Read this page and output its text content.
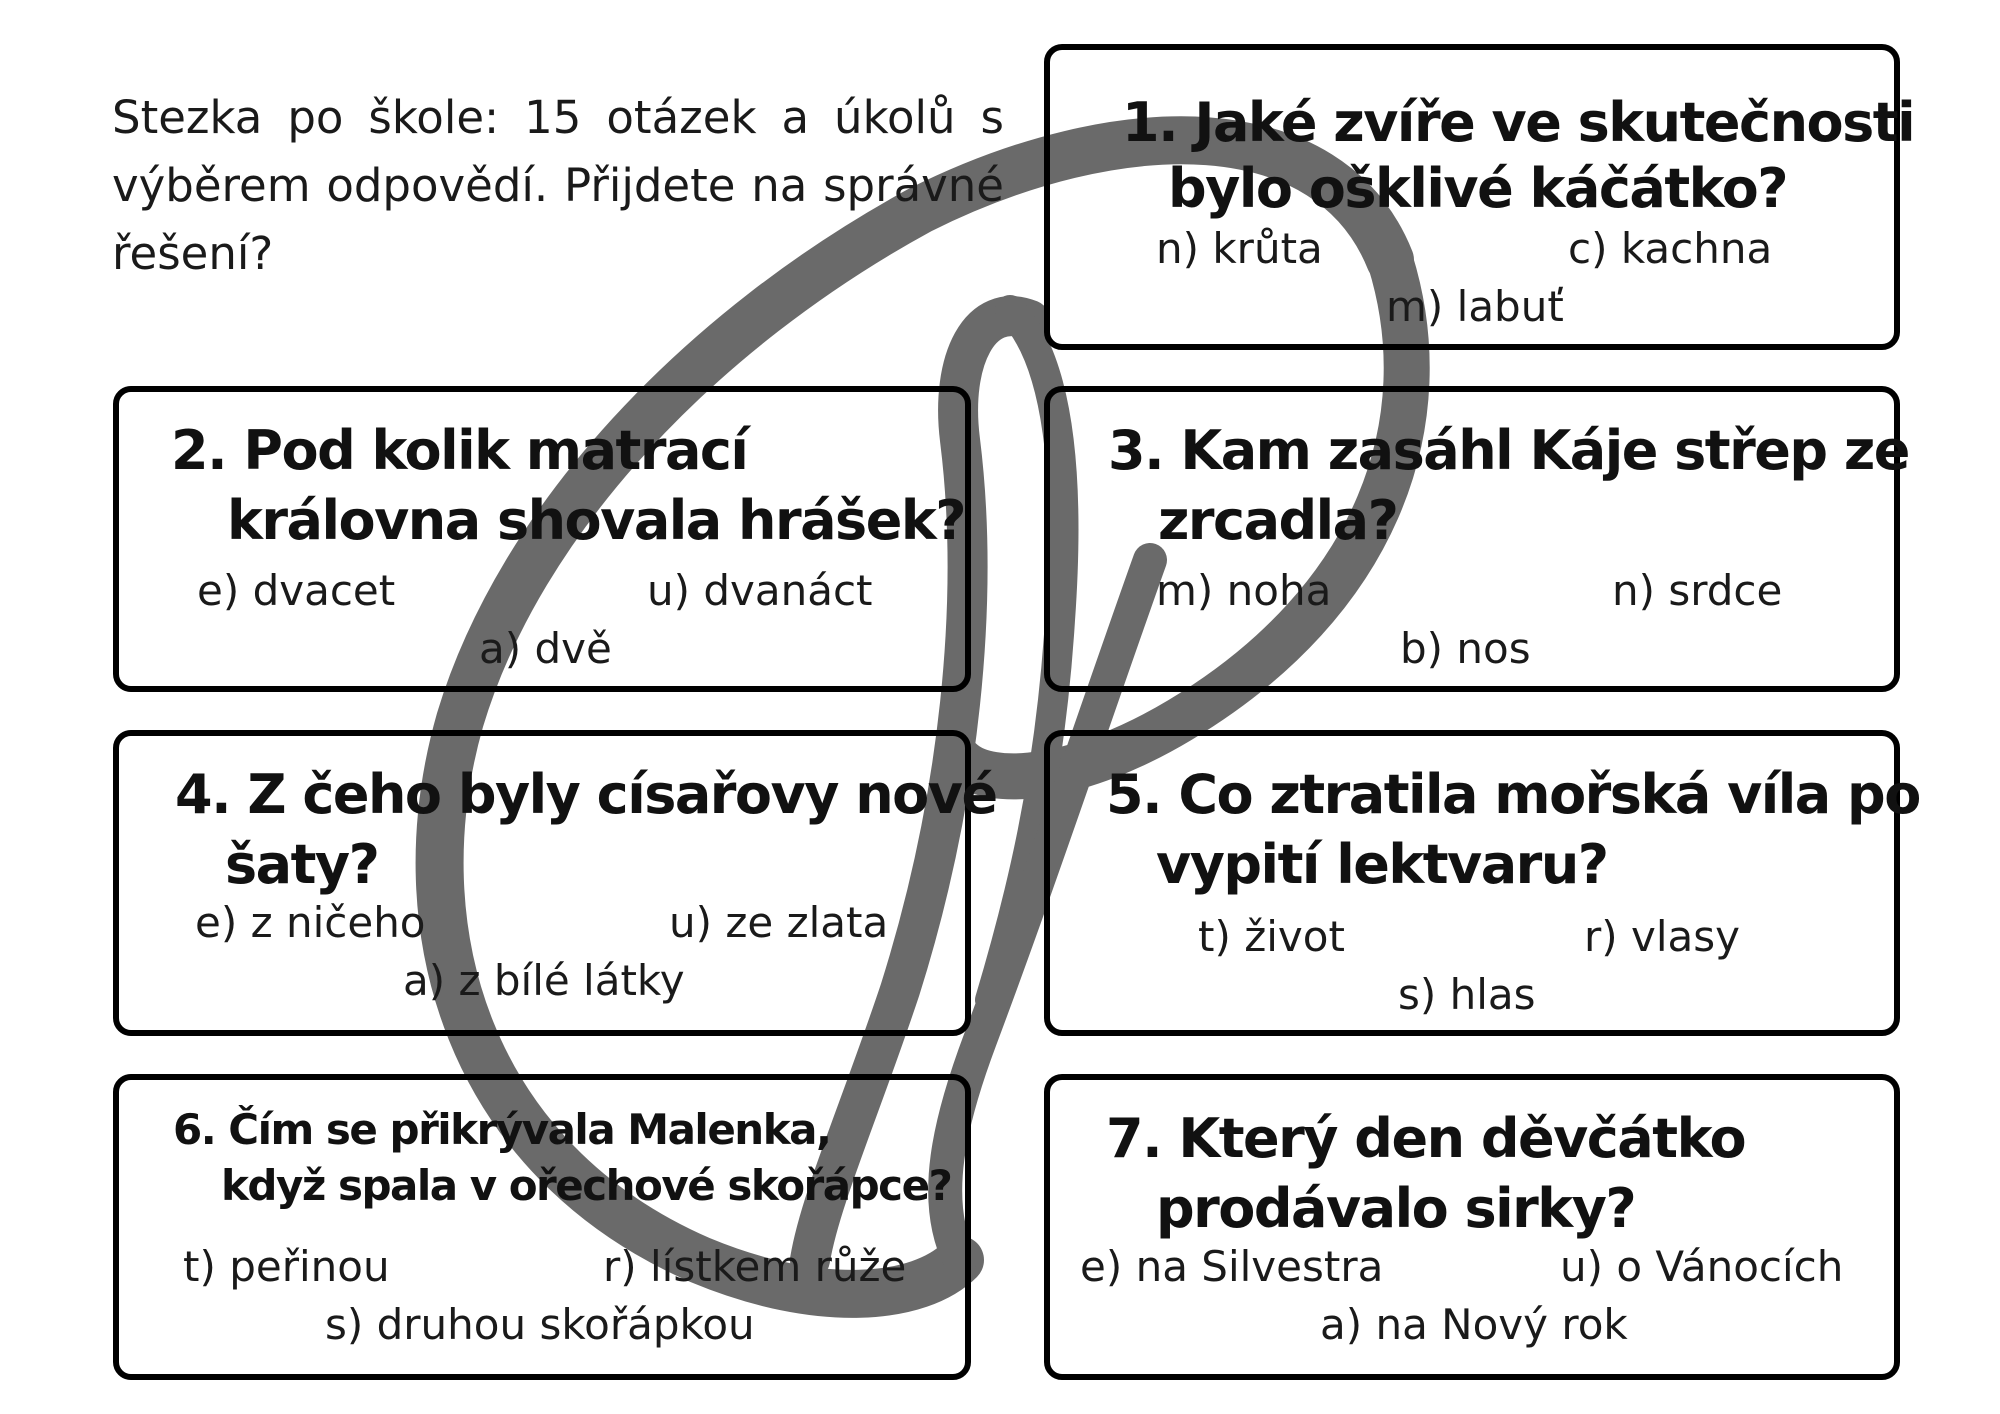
Stezka po škole: 15 otázek a úkolů s výběrem odpovědí. Přijdete na správné řešení?

1. Jaké zvíře ve skutečnosti

bylo ošklivé káčátko?

n) krůta	c) kachna

m) labuť

2. Pod kolik matrací

královna shovala hrášek?

e) dvacet	u) dvanáct

a) dvě

3. Kam zasáhl Káje střep ze

zrcadla?

m) noha	n) srdce

b) nos

4. Z čeho byly císařovy nové

šaty?

e) z ničeho	u) ze zlata

a) z bílé látky

5. Co ztratila mořská víla po

vypití lektvaru?

t) život	r) vlasy

s) hlas

6. Čím se přikrývala Malenka,

když spala v ořechové skořápce?

t) peřinou	r) lístkem růže

s) druhou skořápkou

7. Který den děvčátko

prodávalo sirky?

e) na Silvestra	u) o Vánocích

a) na Nový rok
